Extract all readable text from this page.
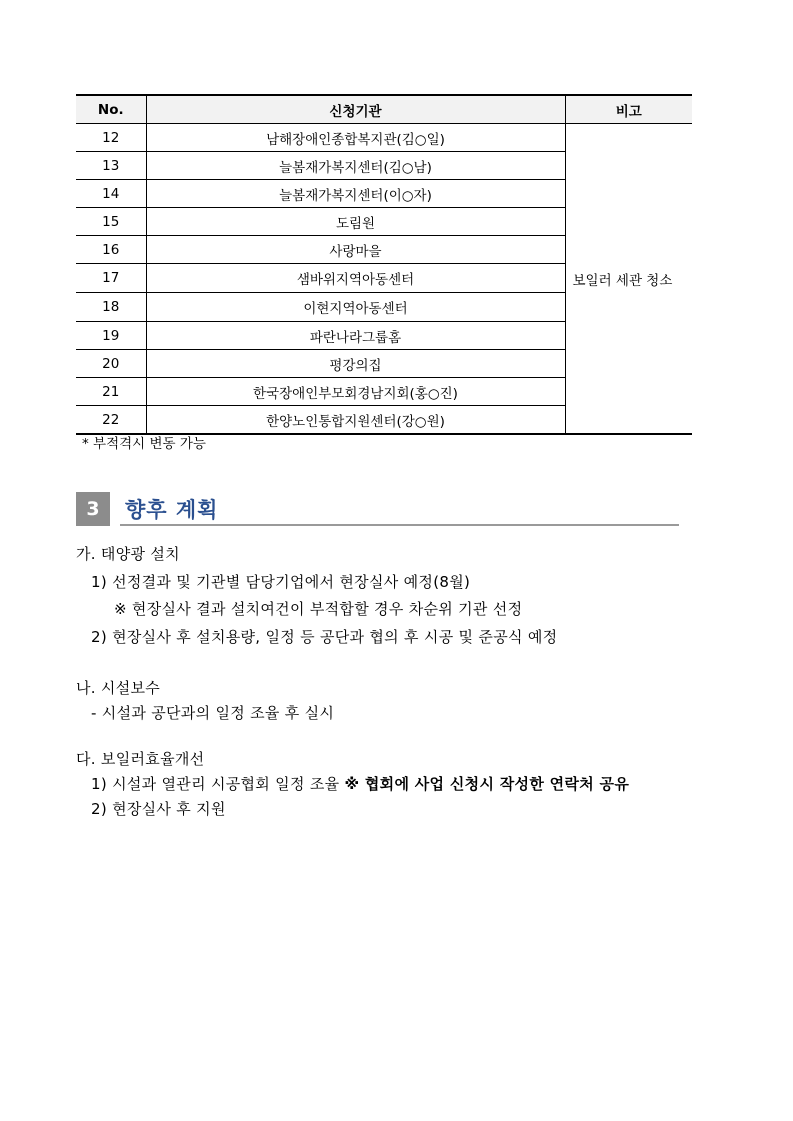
No.	신청기관	비고
12	남해장애인종합복지관(김○일)	보일러 세관 청소
13	늘봄재가복지센터(김○남)	
14	늘봄재가복지센터(이○자)	
15	도림원	
16	사랑마을	
17	샘바위지역아동센터	
18	이현지역아동센터	
19	파란나라그룹홈	
20	평강의집	
21	한국장애인부모회경남지회(홍○진)	
22	한양노인통합지원센터(강○원)	
* 부적격시 변동 가능
3	향후 계획
가. 태양광 설치
1) 선정결과 및 기관별 담당기업에서 현장실사 예정(8월)
※ 현장실사 결과 설치여건이 부적합할 경우 차순위 기관 선정
2) 현장실사 후 설치용량, 일정 등 공단과 협의 후 시공 및 준공식 예정
나. 시설보수
- 시설과 공단과의 일정 조율 후 실시
다. 보일러효율개선
1) 시설과 열관리 시공협회 일정 조율 ※ 협회에 사업 신청시 작성한 연락처 공유
2) 현장실사 후 지원
